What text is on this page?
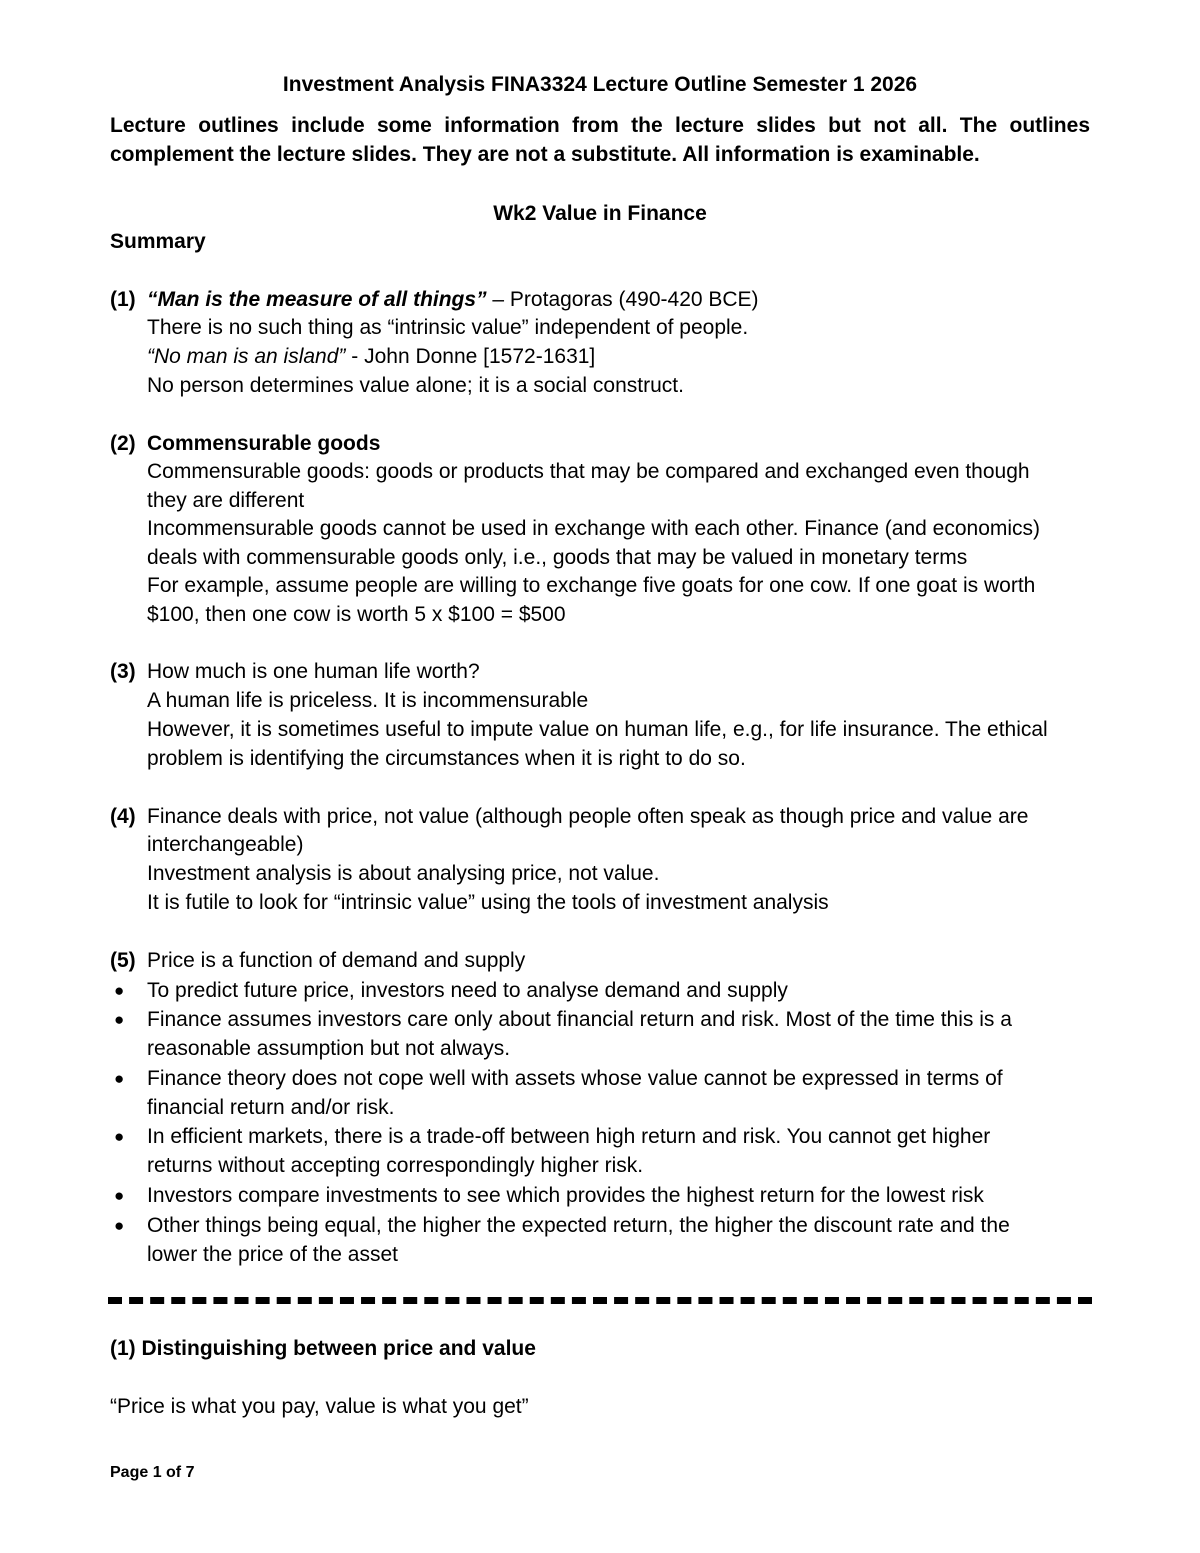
Investment Analysis FINA3324 Lecture Outline Semester 1 2026
Lecture outlines include some information from the lecture slides but not all. The outlines complement the lecture slides. They are not a substitute. All information is examinable.
Wk2 Value in Finance
Summary
(1) “Man is the measure of all things” – Protagoras (490-420 BCE)
There is no such thing as “intrinsic value” independent of people.
“No man is an island” - John Donne [1572-1631]
No person determines value alone; it is a social construct.
(2) Commensurable goods
Commensurable goods: goods or products that may be compared and exchanged even though
they are different
Incommensurable goods cannot be used in exchange with each other. Finance (and economics)
deals with commensurable goods only, i.e., goods that may be valued in monetary terms
For example, assume people are willing to exchange five goats for one cow. If one goat is worth
$100, then one cow is worth 5 x $100 = $500
(3) How much is one human life worth?
A human life is priceless. It is incommensurable
However, it is sometimes useful to impute value on human life, e.g., for life insurance. The ethical
problem is identifying the circumstances when it is right to do so.
(4) Finance deals with price, not value (although people often speak as though price and value are
interchangeable)
Investment analysis is about analysing price, not value.
It is futile to look for “intrinsic value” using the tools of investment analysis
(5) Price is a function of demand and supply
● To predict future price, investors need to analyse demand and supply
● Finance assumes investors care only about financial return and risk. Most of the time this is a
reasonable assumption but not always.
● Finance theory does not cope well with assets whose value cannot be expressed in terms of
financial return and/or risk.
● In efficient markets, there is a trade-off between high return and risk. You cannot get higher
returns without accepting correspondingly higher risk.
● Investors compare investments to see which provides the highest return for the lowest risk
● Other things being equal, the higher the expected return, the higher the discount rate and the
lower the price of the asset
(1) Distinguishing between price and value
“Price is what you pay, value is what you get”
Page 1 of 7
